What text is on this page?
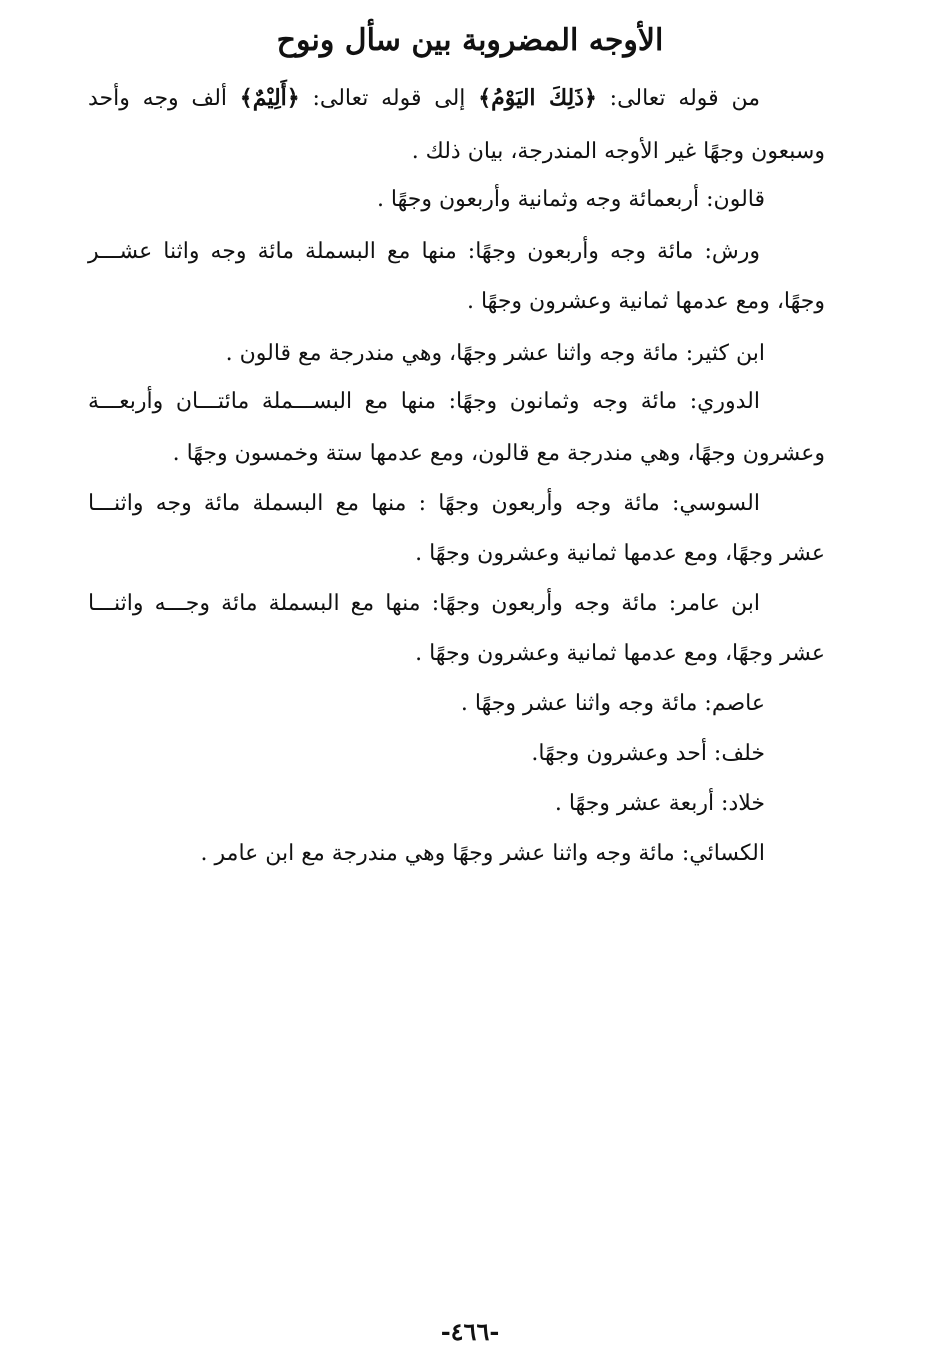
الأوجه المضروبة بين سأل ونوح

من قوله تعالى: ﴿ذَلِكَ اليَوْمُ﴾ إلى قوله تعالى: ﴿أَلِيْمٌ﴾ ألف وجه وأحد

وسبعون وجهًا غير الأوجه المندرجة، بيان ذلك .

قالون: أربعمائة وجه وثمانية وأربعون وجهًا .

ورش: مائة وجه وأربعون وجهًا: منها مع البسملة مائة وجه واثنا عشـــر

وجهًا، ومع عدمها ثمانية وعشرون وجهًا .

ابن كثير: مائة وجه واثنا عشر وجهًا، وهي مندرجة مع قالون .

الدوري: مائة وجه وثمانون وجهًا: منها مع البســـملة مائتـــان وأربعـــة

وعشرون وجهًا، وهي مندرجة مع قالون، ومع عدمها ستة وخمسون وجهًا .

السوسي: مائة وجه وأربعون وجهًا : منها مع البسملة مائة وجه واثنـــا

عشر وجهًا، ومع عدمها ثمانية وعشرون وجهًا .

ابن عامر: مائة وجه وأربعون وجهًا: منها مع البسملة مائة وجـــه واثنـــا

عشر وجهًا، ومع عدمها ثمانية وعشرون وجهًا .

عاصم: مائة وجه واثنا عشر وجهًا .

خلف: أحد وعشرون وجهًا.

خلاد: أربعة عشر وجهًا .

الكسائي: مائة وجه واثنا عشر وجهًا وهي مندرجة مع ابن عامر .

-٤٦٦-
